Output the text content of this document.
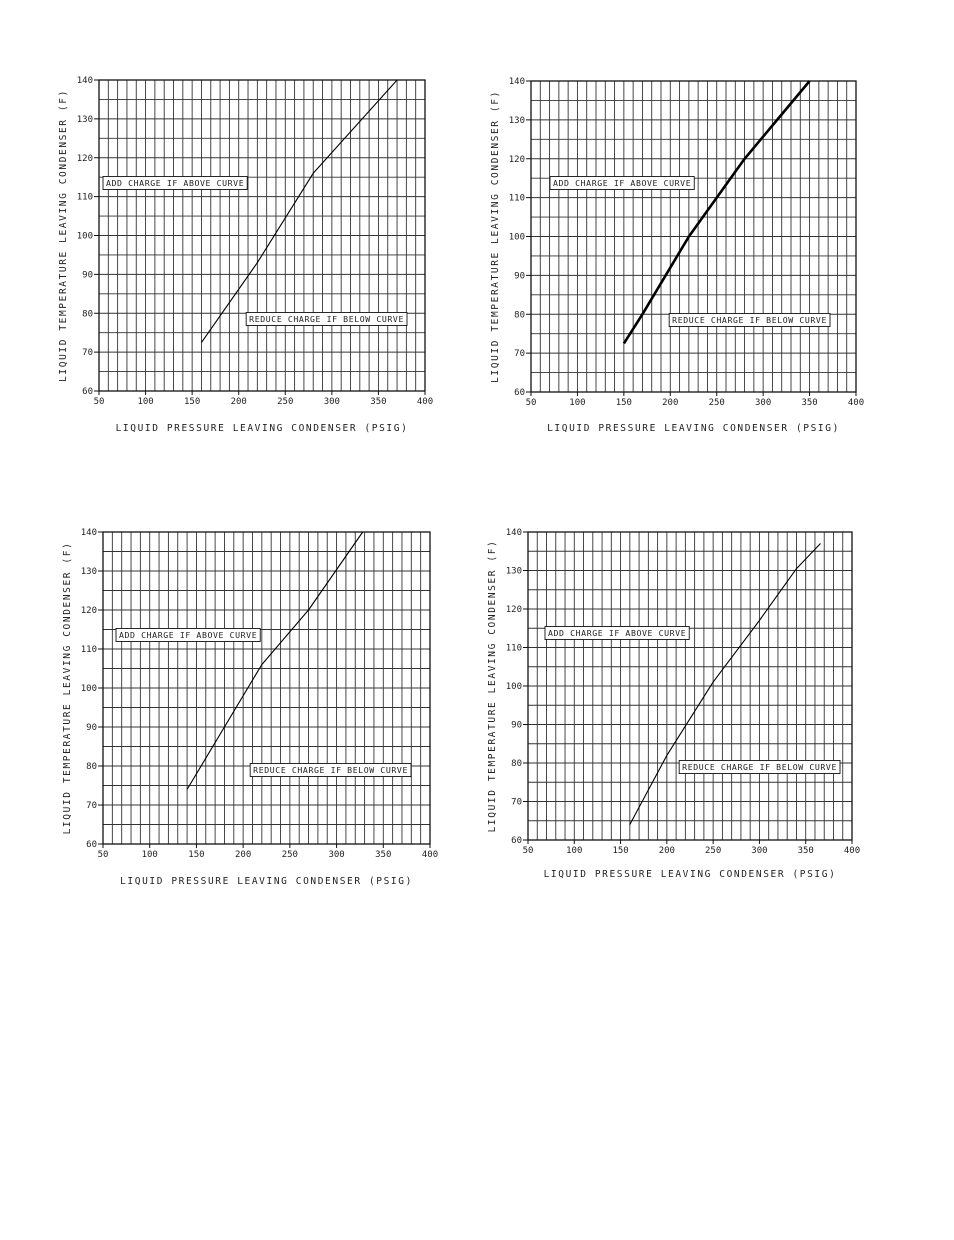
60
70
80
90
100
110
120
130
140
50	100	150	200	250	300	350	400
LIQUID PRESSURE LEAVING CONDENSER (PSIG)
LIQUID TEMPERATURE LEAVING CONDENSER (F)	ADD CHARGE IF ABOVE CURVE
REDUCE CHARGE IF BELOW CURVE
60
70
80
90
100
110
120
130
140
50	100	150	200	250	300	350	400
LIQUID PRESSURE LEAVING CONDENSER (PSIG)
LIQUID TEMPERATURE LEAVING CONDENSER (F)	ADD CHARGE IF ABOVE CURVE
REDUCE CHARGE IF BELOW CURVE
60
70
80
90
100
110
120
130
140
50	100	150	200	250	300	350	400
LIQUID PRESSURE LEAVING CONDENSER (PSIG)
LIQUID TEMPERATURE LEAVING CONDENSER (F)	ADD CHARGE IF ABOVE CURVE
REDUCE CHARGE IF BELOW CURVE
60
70
80
90
100
110
120
130
140
50	100	150	200	250	300	350	400
LIQUID PRESSURE LEAVING CONDENSER (PSIG)
LIQUID TEMPERATURE LEAVING CONDENSER (F)	ADD CHARGE IF ABOVE CURVE
REDUCE CHARGE IF BELOW CURVE
